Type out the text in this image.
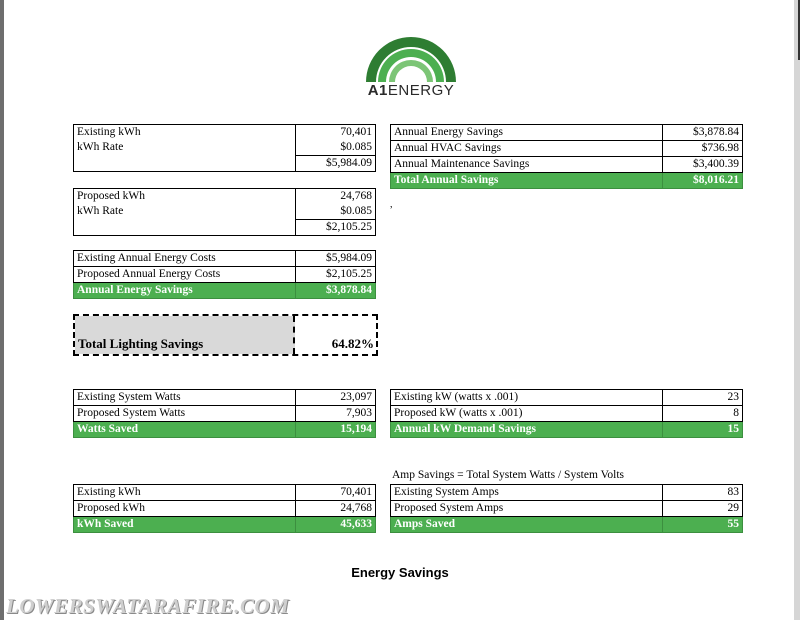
A1ENERGY
Existing kWh	70,401
kWh Rate	$0.085
	$5,984.09
Proposed kWh	24,768
kWh Rate	$0.085
	$2,105.25
Existing Annual Energy Costs	$5,984.09
Proposed Annual Energy Costs	$2,105.25
Annual Energy Savings	$3,878.84
Annual Energy Savings	$3,878.84
Annual HVAC Savings	$736.98
Annual Maintenance Savings	$3,400.39
Total Annual Savings	$8,016.21
,
Total Lighting Savings	64.82%
Existing System Watts	23,097
Proposed System Watts	7,903
Watts Saved	15,194
Existing kW (watts x .001)	23
Proposed kW (watts x .001)	8
Annual kW Demand Savings	15
Amp Savings = Total System Watts / System Volts
Existing kWh	70,401
Proposed kWh	24,768
kWh Saved	45,633
Existing System Amps	83
Proposed System Amps	29
Amps Saved	55
Energy Savings
LOWERSWATARAFIRE.COM
